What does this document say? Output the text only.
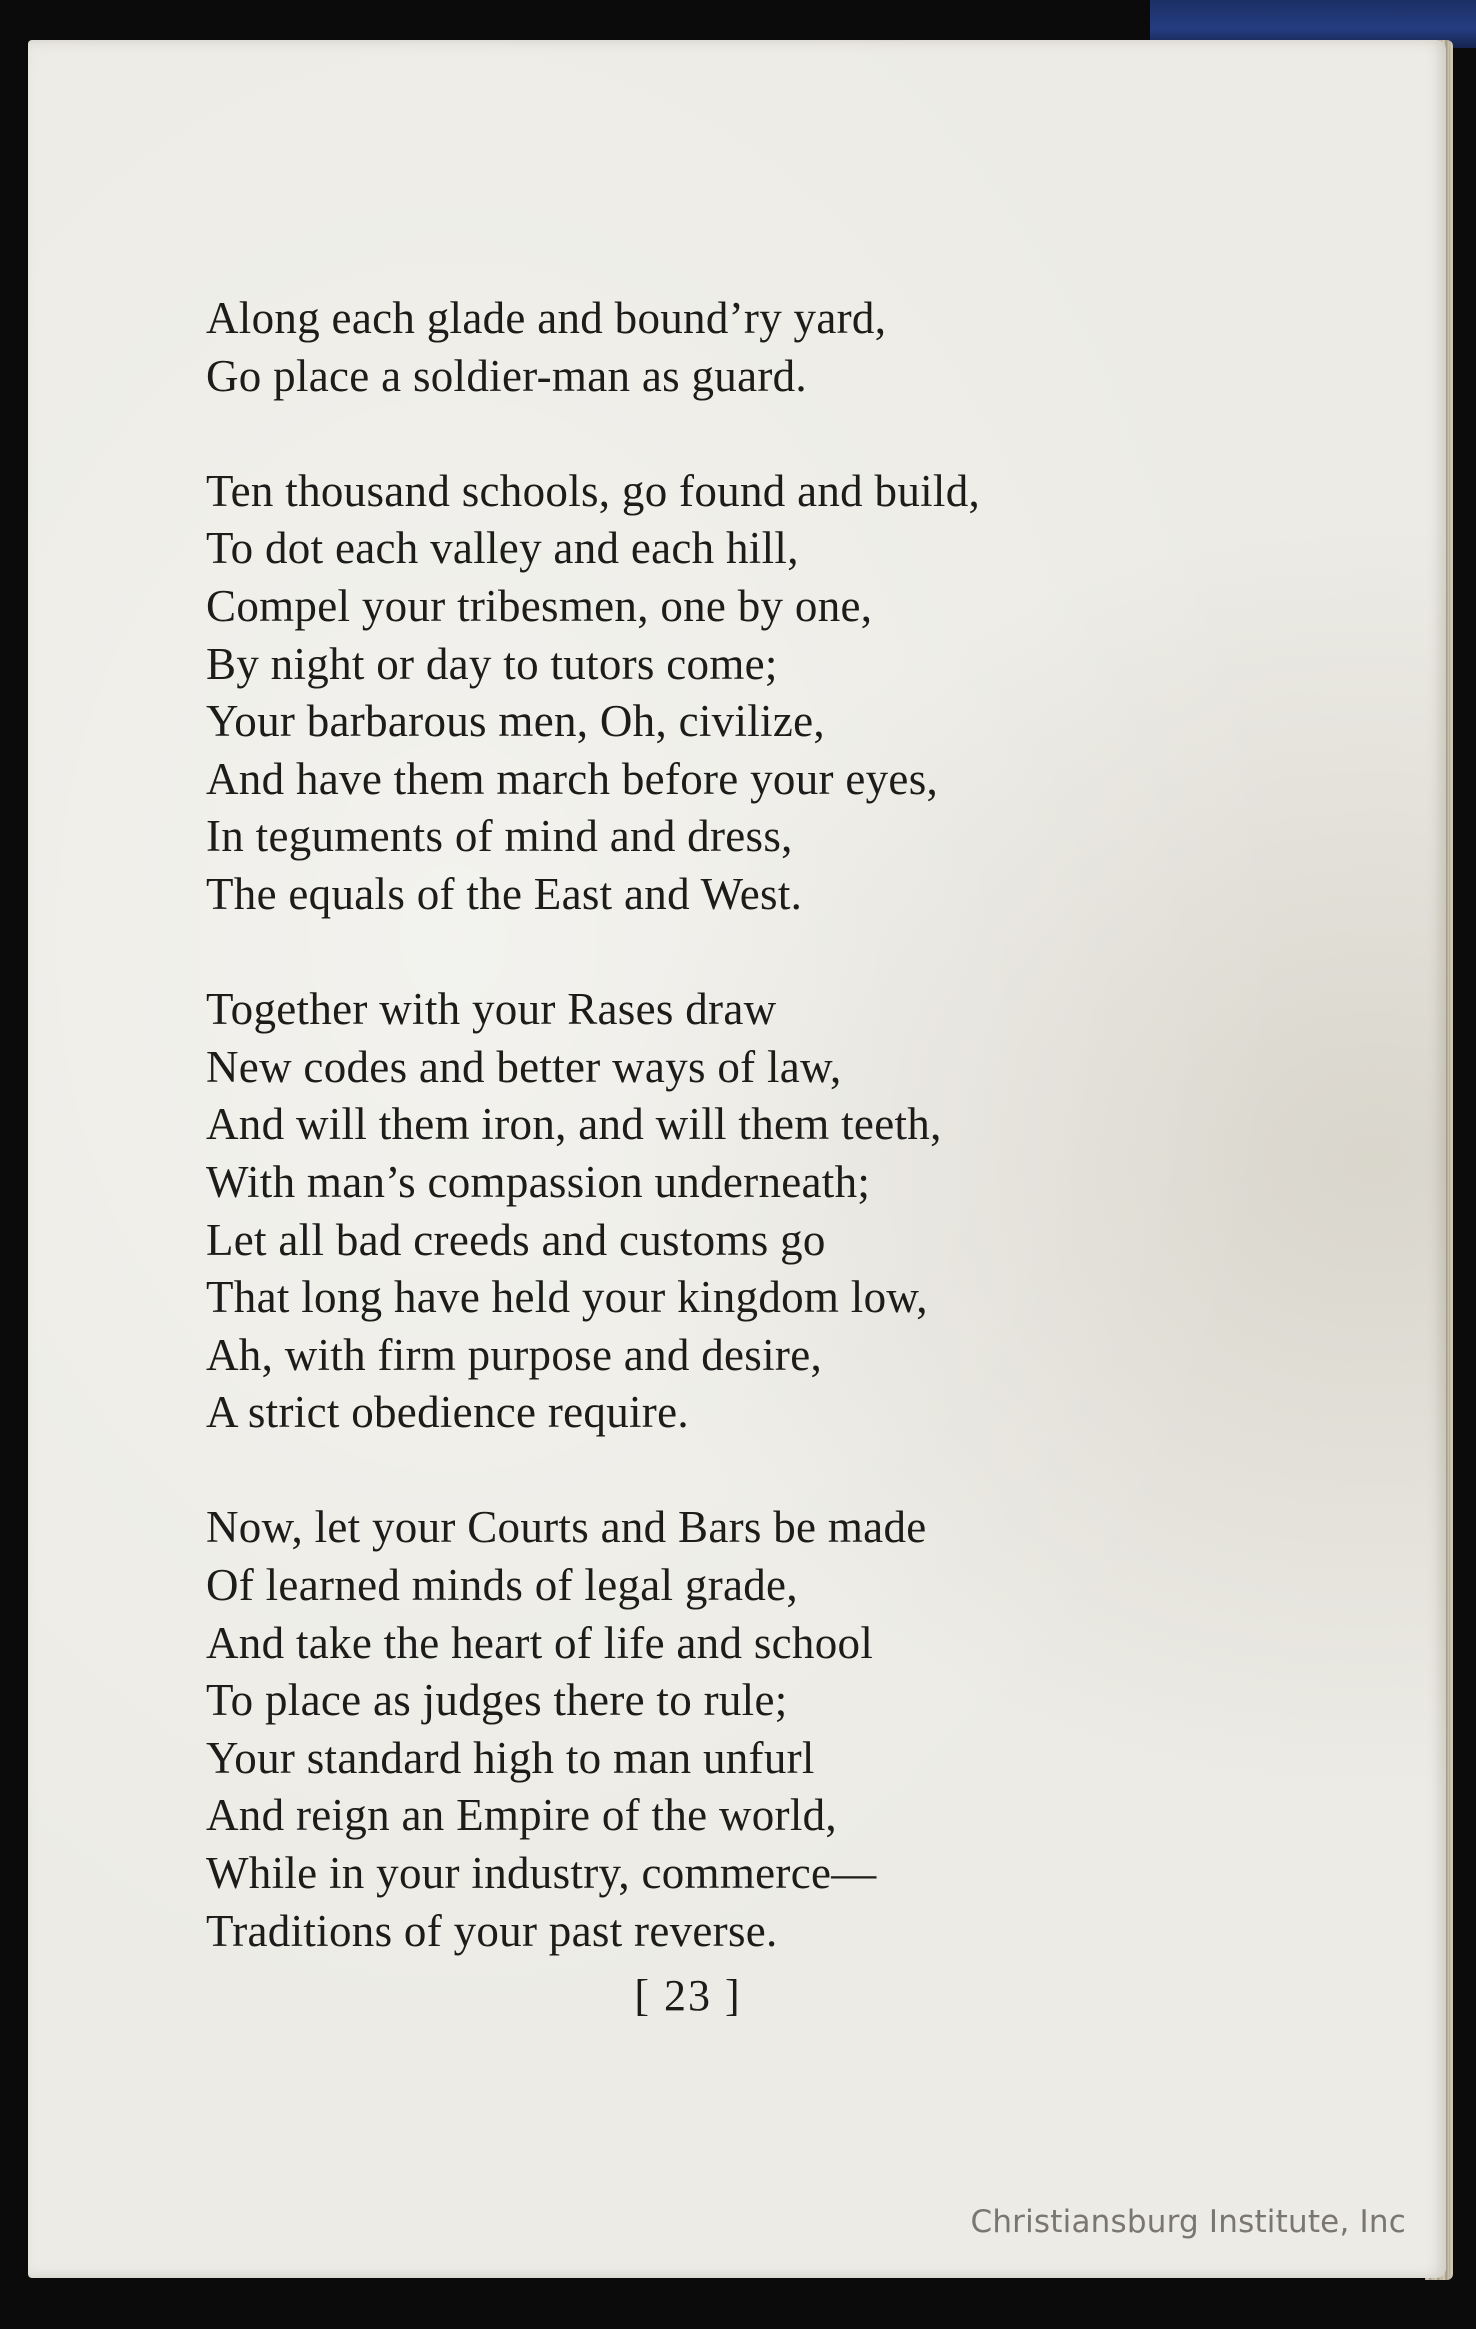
Along each glade and bound’ry yard,
Go place a soldier-man as guard.
Ten thousand schools, go found and build,
To dot each valley and each hill,
Compel your tribesmen, one by one,
By night or day to tutors come;
Your barbarous men, Oh, civilize,
And have them march before your eyes,
In teguments of mind and dress,
The equals of the East and West.
Together with your Rases draw
New codes and better ways of law,
And will them iron, and will them teeth,
With man’s compassion underneath;
Let all bad creeds and customs go
That long have held your kingdom low,
Ah, with firm purpose and desire,
A strict obedience require.
Now, let your Courts and Bars be made
Of learned minds of legal grade,
And take the heart of life and school
To place as judges there to rule;
Your standard high to man unfurl
And reign an Empire of the world,
While in your industry, commerce—
Traditions of your past reverse.
[ 23 ]
Christiansburg Institute, Inc
